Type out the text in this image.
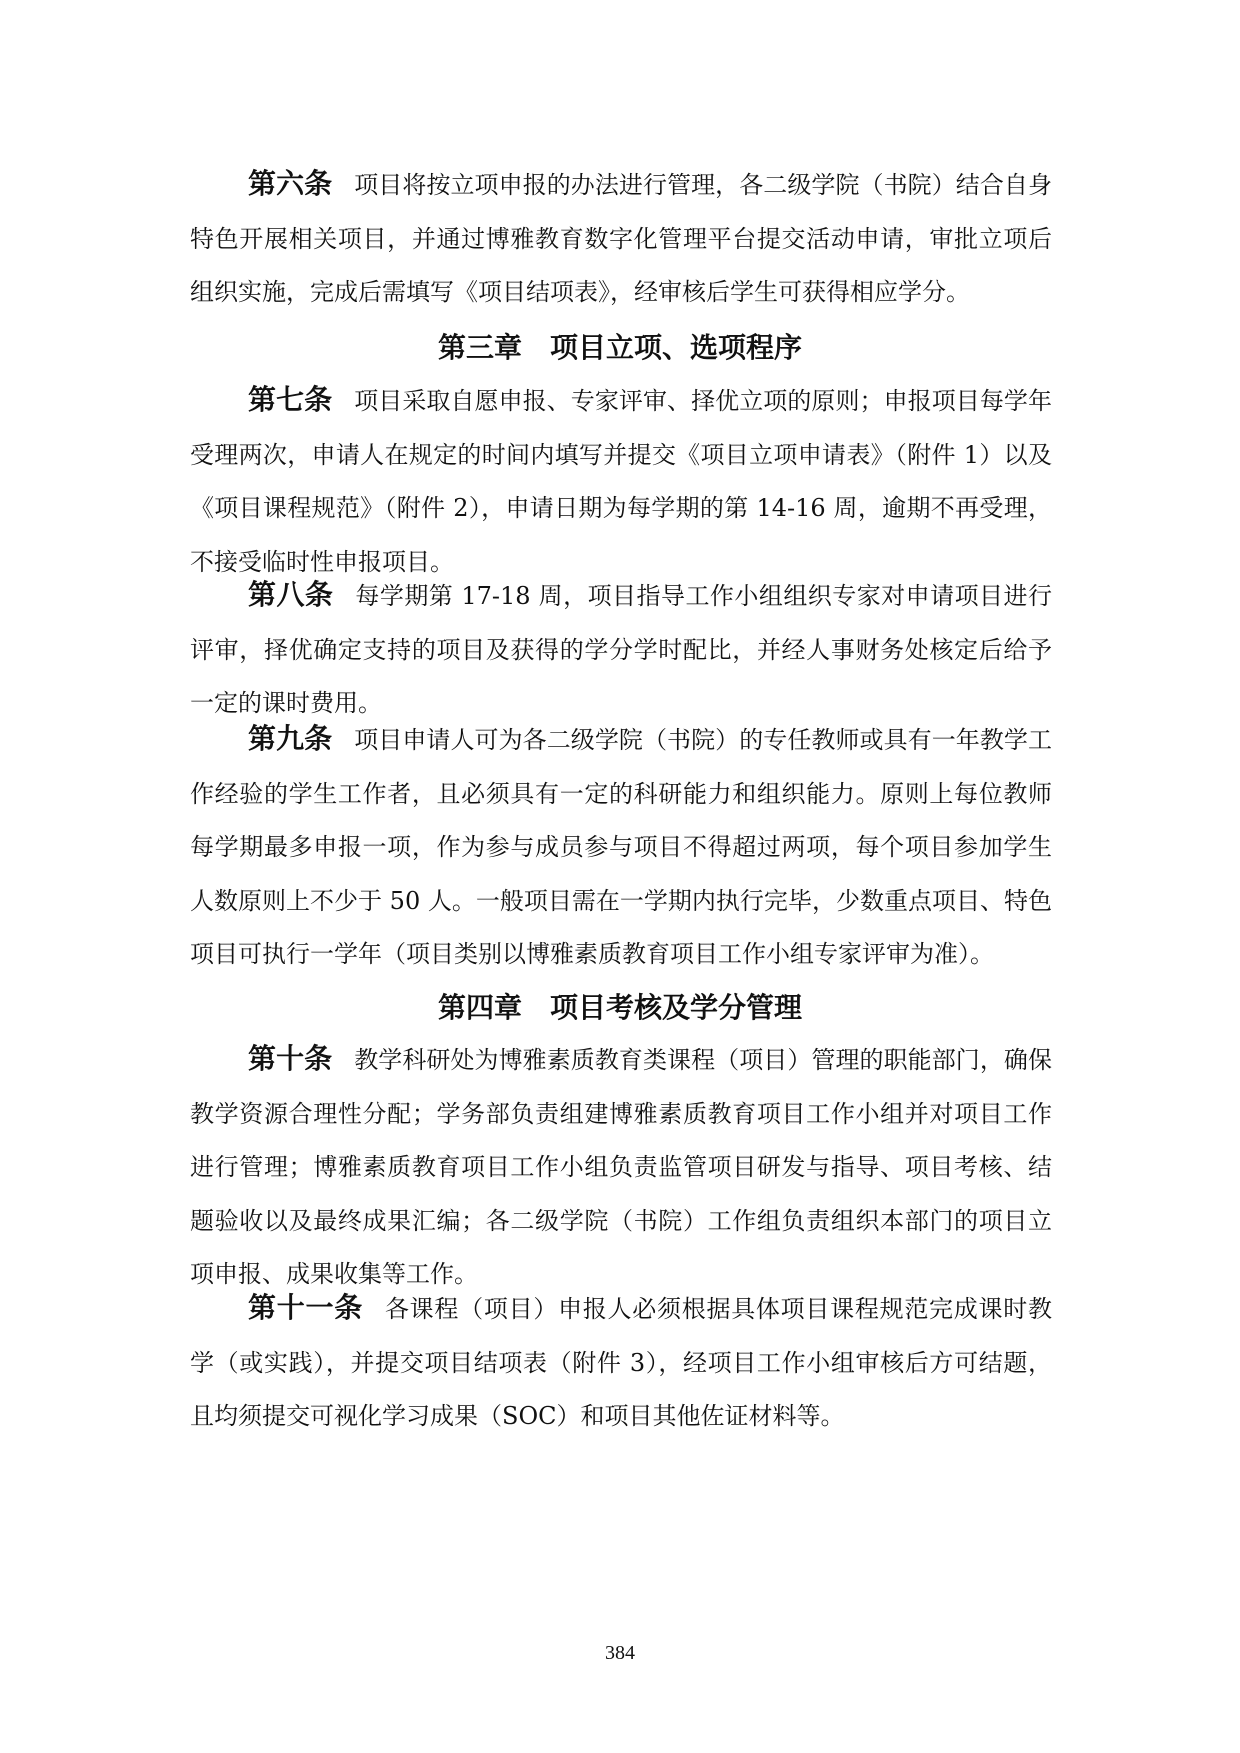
第六条 项目将按立项申报的办法进行管理，各二级学院（书院）结合自身特色开展相关项目，并通过博雅教育数字化管理平台提交活动申请，审批立项后组织实施，完成后需填写《项目结项表》，经审核后学生可获得相应学分。

第三章 项目立项、选项程序

第七条 项目采取自愿申报、专家评审、择优立项的原则；申报项目每学年受理两次，申请人在规定的时间内填写并提交《项目立项申请表》（附件 1）以及《项目课程规范》（附件 2），申请日期为每学期的第 14-16 周，逾期不再受理，不接受临时性申报项目。

第八条 每学期第 17-18 周，项目指导工作小组组织专家对申请项目进行评审，择优确定支持的项目及获得的学分学时配比，并经人事财务处核定后给予一定的课时费用。

第九条 项目申请人可为各二级学院（书院）的专任教师或具有一年教学工作经验的学生工作者，且必须具有一定的科研能力和组织能力。原则上每位教师每学期最多申报一项，作为参与成员参与项目不得超过两项，每个项目参加学生人数原则上不少于 50 人。一般项目需在一学期内执行完毕，少数重点项目、特色项目可执行一学年（项目类别以博雅素质教育项目工作小组专家评审为准）。

第四章 项目考核及学分管理

第十条 教学科研处为博雅素质教育类课程（项目）管理的职能部门，确保教学资源合理性分配；学务部负责组建博雅素质教育项目工作小组并对项目工作进行管理；博雅素质教育项目工作小组负责监管项目研发与指导、项目考核、结题验收以及最终成果汇编；各二级学院（书院）工作组负责组织本部门的项目立项申报、成果收集等工作。

第十一条 各课程（项目）申报人必须根据具体项目课程规范完成课时教学（或实践），并提交项目结项表（附件 3），经项目工作小组审核后方可结题，且均须提交可视化学习成果（SOC）和项目其他佐证材料等。

384
